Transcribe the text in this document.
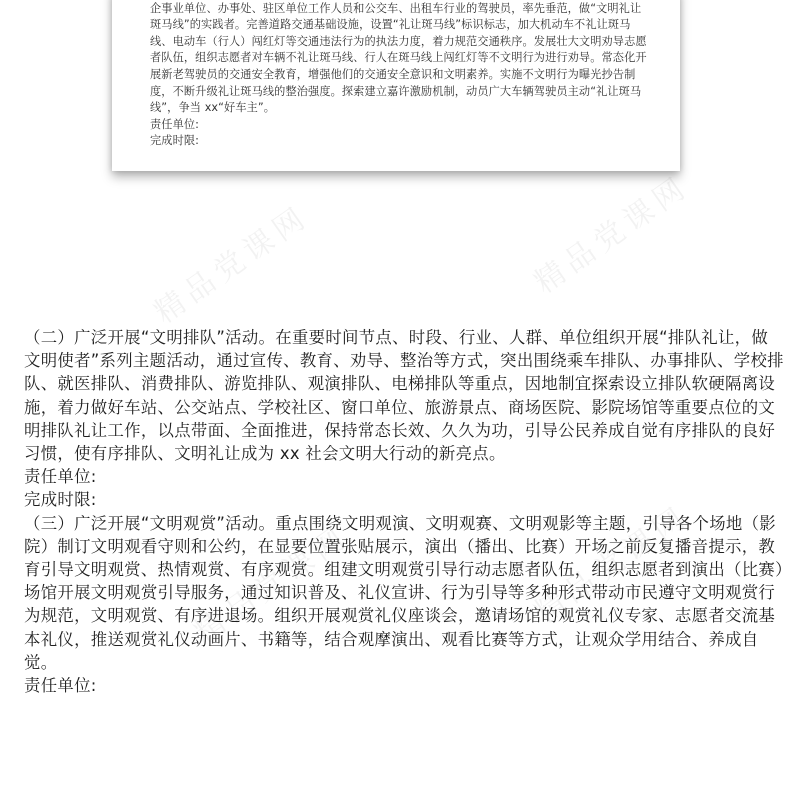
精品党课网	精品党课网
精品党课网	精品党课网

企事业单位、办事处、驻区单位工作人员和公交车、出租车行业的驾驶员，率先垂范，做“文明礼让斑马线”的实践者。完善道路交通基础设施，设置“礼让斑马线”标识标志，加大机动车不礼让斑马线、电动车（行人）闯红灯等交通违法行为的执法力度，着力规范交通秩序。发展壮大文明劝导志愿者队伍，组织志愿者对车辆不礼让斑马线、行人在斑马线上闯红灯等不文明行为进行劝导。常态化开展新老驾驶员的交通安全教育，增强他们的交通安全意识和文明素养。实施不文明行为曝光抄告制度，不断升级礼让斑马线的整治强度。探索建立嘉许激励机制，动员广大车辆驾驶员主动“礼让斑马线”，争当 xx“好车主”。

责任单位:

完成时限:

（二）广泛开展“文明排队”活动。在重要时间节点、时段、行业、人群、单位组织开展“排队礼让，做文明使者”系列主题活动，通过宣传、教育、劝导、整治等方式，突出围绕乘车排队、办事排队、学校排队、就医排队、消费排队、游览排队、观演排队、电梯排队等重点，因地制宜探索设立排队软硬隔离设施，着力做好车站、公交站点、学校社区、窗口单位、旅游景点、商场医院、影院场馆等重要点位的文明排队礼让工作，以点带面、全面推进，保持常态长效、久久为功，引导公民养成自觉有序排队的良好习惯，使有序排队、文明礼让成为 xx 社会文明大行动的新亮点。

责任单位:

完成时限:

（三）广泛开展“文明观赏”活动。重点围绕文明观演、文明观赛、文明观影等主题，引导各个场地（影院）制订文明观看守则和公约，在显要位置张贴展示，演出（播出、比赛）开场之前反复播音提示，教育引导文明观赏、热情观赏、有序观赏。组建文明观赏引导行动志愿者队伍，组织志愿者到演出（比赛）场馆开展文明观赏引导服务，通过知识普及、礼仪宣讲、行为引导等多种形式带动市民遵守文明观赏行为规范，文明观赏、有序进退场。组织开展观赏礼仪座谈会，邀请场馆的观赏礼仪专家、志愿者交流基本礼仪，推送观赏礼仪动画片、书籍等，结合观摩演出、观看比赛等方式，让观众学用结合、养成自觉。

责任单位:
